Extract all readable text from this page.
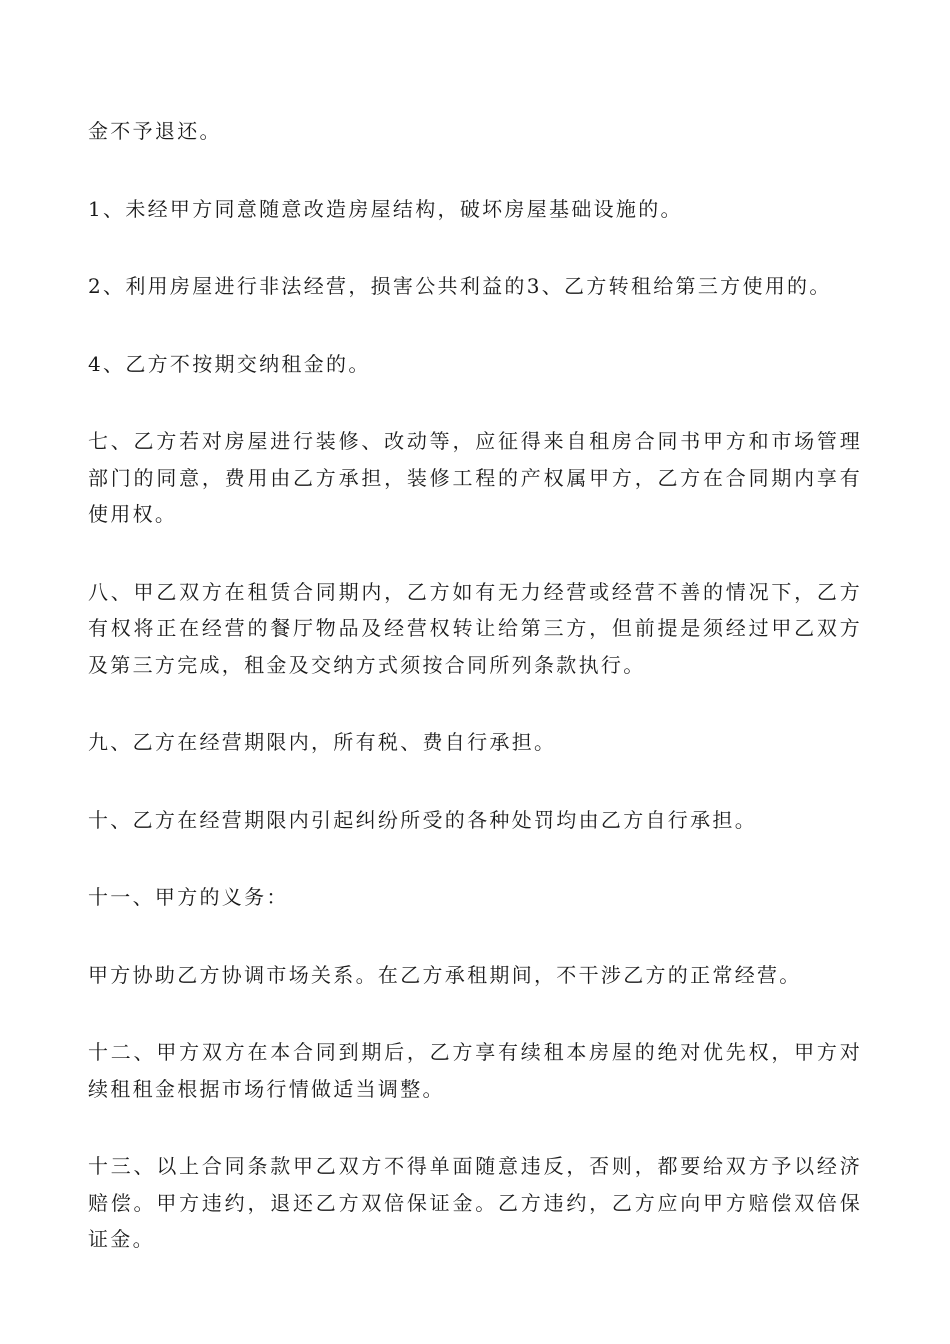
金不予退还。

1、未经甲方同意随意改造房屋结构，破坏房屋基础设施的。

2、利用房屋进行非法经营，损害公共利益的3、乙方转租给第三方使用的。

4、乙方不按期交纳租金的。

七、乙方若对房屋进行装修、改动等，应征得来自租房合同书甲方和市场管理部门的同意，费用由乙方承担，装修工程的产权属甲方，乙方在合同期内享有使用权。

八、甲乙双方在租赁合同期内，乙方如有无力经营或经营不善的情况下，乙方有权将正在经营的餐厅物品及经营权转让给第三方，但前提是须经过甲乙双方及第三方完成，租金及交纳方式须按合同所列条款执行。

九、乙方在经营期限内，所有税、费自行承担。

十、乙方在经营期限内引起纠纷所受的各种处罚均由乙方自行承担。

十一、甲方的义务：

甲方协助乙方协调市场关系。在乙方承租期间，不干涉乙方的正常经营。

十二、甲方双方在本合同到期后，乙方享有续租本房屋的绝对优先权，甲方对续租租金根据市场行情做适当调整。

十三、以上合同条款甲乙双方不得单面随意违反，否则，都要给双方予以经济赔偿。甲方违约，退还乙方双倍保证金。乙方违约，乙方应向甲方赔偿双倍保证金。
